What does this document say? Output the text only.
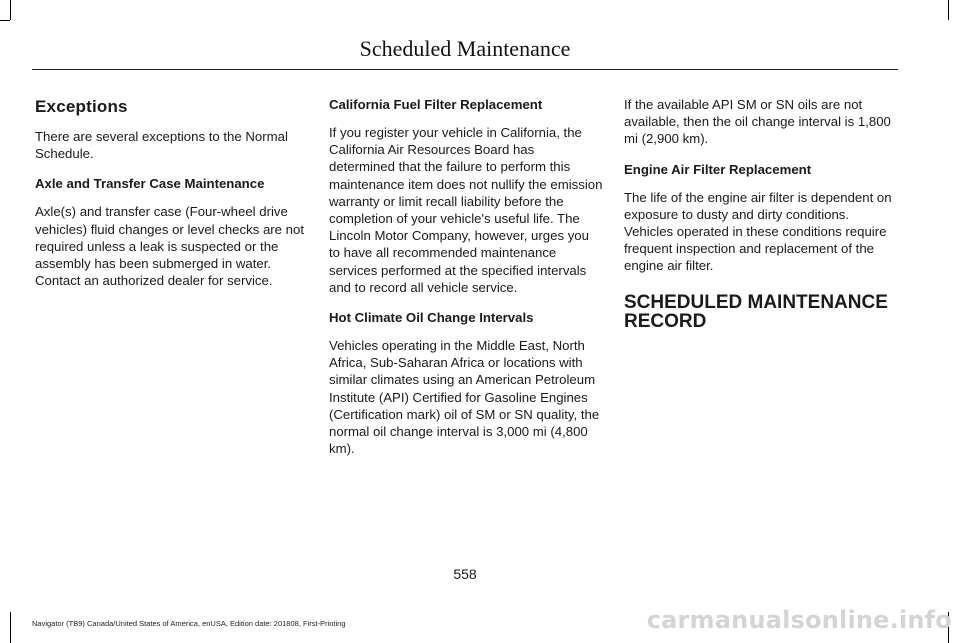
Scheduled Maintenance
Exceptions

There are several exceptions to the Normal Schedule.

Axle and Transfer Case Maintenance

Axle(s) and transfer case (Four-wheel drive vehicles) fluid changes or level checks are not required unless a leak is suspected or the assembly has been submerged in water. Contact an authorized dealer for service.

California Fuel Filter Replacement

If you register your vehicle in California, the California Air Resources Board has determined that the failure to perform this maintenance item does not nullify the emission warranty or limit recall liability before the completion of your vehicle's useful life. The Lincoln Motor Company, however, urges you to have all recommended maintenance services performed at the specified intervals and to record all vehicle service.

Hot Climate Oil Change Intervals

Vehicles operating in the Middle East, North Africa, Sub-Saharan Africa or locations with similar climates using an American Petroleum Institute (API) Certified for Gasoline Engines (Certification mark) oil of SM or SN quality, the normal oil change interval is 3,000 mi (4,800 km).

If the available API SM or SN oils are not available, then the oil change interval is 1,800 mi (2,900 km).

Engine Air Filter Replacement

The life of the engine air filter is dependent on exposure to dusty and dirty conditions. Vehicles operated in these conditions require frequent inspection and replacement of the engine air filter.

SCHEDULED MAINTENANCE
RECORD
558
Navigator (TB9) Canada/United States of America, enUSA, Edition date: 201808, First-Printing	carmanualsonline.info
